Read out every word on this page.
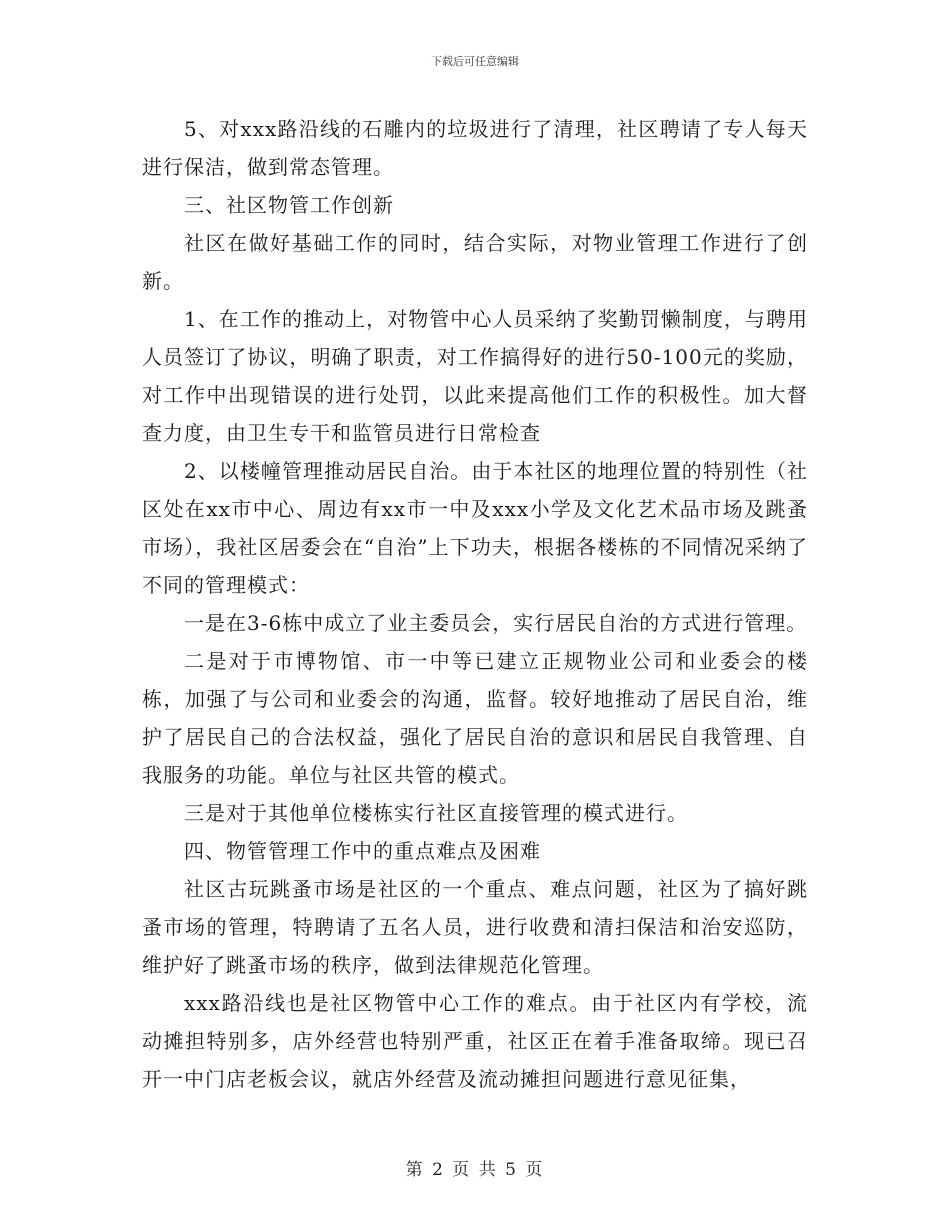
下载后可任意编辑

5、对xxx路沿线的石雕内的垃圾进行了清理，社区聘请了专人每天进行保洁，做到常态管理。

三、社区物管工作创新

社区在做好基础工作的同时，结合实际，对物业管理工作进行了创新。

1、在工作的推动上，对物管中心人员采纳了奖勤罚懒制度，与聘用人员签订了协议，明确了职责，对工作搞得好的进行50-100元的奖励，对工作中出现错误的进行处罚，以此来提高他们工作的积极性。加大督查力度，由卫生专干和监管员进行日常检查

2、以楼幢管理推动居民自治。由于本社区的地理位置的特别性（社区处在xx市中心、周边有xx市一中及xxx小学及文化艺术品市场及跳蚤市场），我社区居委会在“自治”上下功夫，根据各楼栋的不同情况采纳了不同的管理模式：

一是在3-6栋中成立了业主委员会，实行居民自治的方式进行管理。

二是对于市博物馆、市一中等已建立正规物业公司和业委会的楼栋，加强了与公司和业委会的沟通，监督。较好地推动了居民自治，维护了居民自己的合法权益，强化了居民自治的意识和居民自我管理、自我服务的功能。单位与社区共管的模式。

三是对于其他单位楼栋实行社区直接管理的模式进行。

四、物管管理工作中的重点难点及困难

社区古玩跳蚤市场是社区的一个重点、难点问题，社区为了搞好跳蚤市场的管理，特聘请了五名人员，进行收费和清扫保洁和治安巡防，维护好了跳蚤市场的秩序，做到法律规范化管理。

xxx路沿线也是社区物管中心工作的难点。由于社区内有学校，流动摊担特别多，店外经营也特别严重，社区正在着手准备取缔。现已召开一中门店老板会议，就店外经营及流动摊担问题进行意见征集，

第 2 页 共 5 页
